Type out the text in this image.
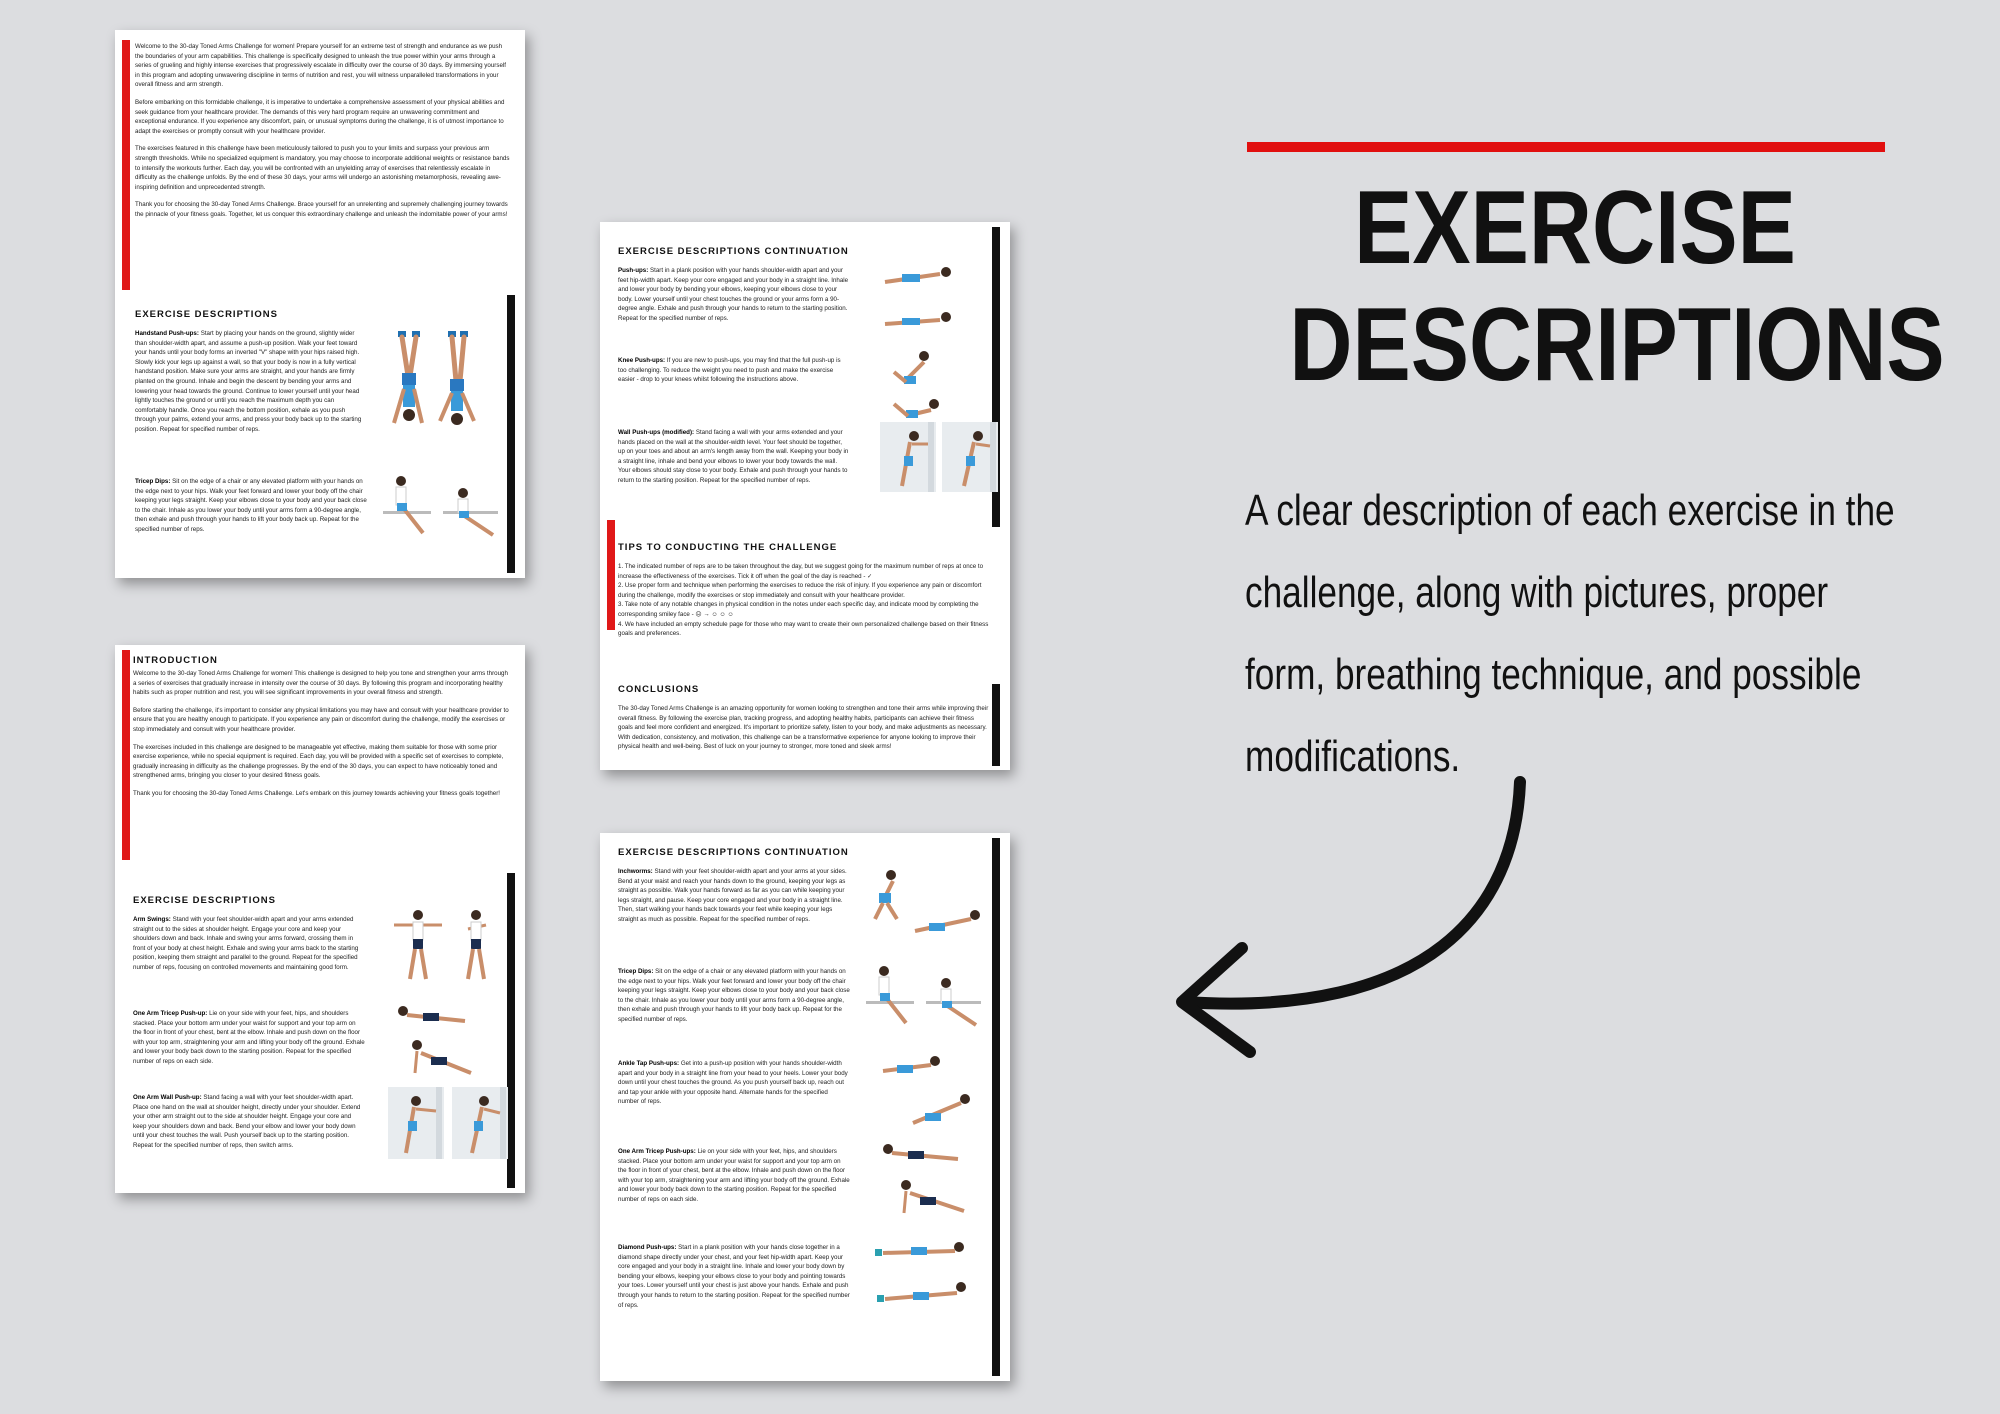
Welcome to the 30-day Toned Arms Challenge for women! Prepare yourself for an extreme test of strength and endurance as we push the boundaries of your arm capabilities. This challenge is specifically designed to unleash the true power within your arms through a series of grueling and highly intense exercises that progressively escalate in difficulty over the course of 30 days. By immersing yourself in this program and adopting unwavering discipline in terms of nutrition and rest, you will witness unparalleled transformations in your overall fitness and arm strength.

Before embarking on this formidable challenge, it is imperative to undertake a comprehensive assessment of your physical abilities and seek guidance from your healthcare provider. The demands of this very hard program require an unwavering commitment and exceptional endurance. If you experience any discomfort, pain, or unusual symptoms during the challenge, it is of utmost importance to adapt the exercises or promptly consult with your healthcare provider.

The exercises featured in this challenge have been meticulously tailored to push you to your limits and surpass your previous arm strength thresholds. While no specialized equipment is mandatory, you may choose to incorporate additional weights or resistance bands to intensify the workouts further. Each day, you will be confronted with an unyielding array of exercises that relentlessly escalate in difficulty as the challenge unfolds. By the end of these 30 days, your arms will undergo an astonishing metamorphosis, revealing awe-inspiring definition and unprecedented strength.

Thank you for choosing the 30-day Toned Arms Challenge. Brace yourself for an unrelenting and supremely challenging journey towards the pinnacle of your fitness goals. Together, let us conquer this extraordinary challenge and unleash the indomitable power of your arms!

EXERCISE DESCRIPTIONS

Handstand Push-ups: Start by placing your hands on the ground, slightly wider than shoulder-width apart, and assume a push-up position. Walk your feet toward your hands until your body forms an inverted "V" shape with your hips raised high. Slowly kick your legs up against a wall, so that your body is now in a fully vertical handstand position. Make sure your arms are straight, and your hands are firmly planted on the ground. Inhale and begin the descent by bending your arms and lowering your head towards the ground. Continue to lower yourself until your head lightly touches the ground or until you reach the maximum depth you can comfortably handle. Once you reach the bottom position, exhale as you push through your palms, extend your arms, and press your body back up to the starting position. Repeat for specified number of reps.

Tricep Dips: Sit on the edge of a chair or any elevated platform with your hands on the edge next to your hips. Walk your feet forward and lower your body off the chair keeping your legs straight. Keep your elbows close to your body and your back close to the chair. Inhale as you lower your body until your arms form a 90-degree angle, then exhale and push through your hands to lift your body back up. Repeat for the specified number of reps.

EXERCISE DESCRIPTIONS CONTINUATION

Push-ups: Start in a plank position with your hands shoulder-width apart and your feet hip-width apart. Keep your core engaged and your body in a straight line. Inhale and lower your body by bending your elbows, keeping your elbows close to your body. Lower yourself until your chest touches the ground or your arms form a 90-degree angle. Exhale and push through your hands to return to the starting position. Repeat for the specified number of reps.

Knee Push-ups: If you are new to push-ups, you may find that the full push-up is too challenging. To reduce the weight you need to push and make the exercise easier - drop to your knees whilst following the instructions above.

Wall Push-ups (modified): Stand facing a wall with your arms extended and your hands placed on the wall at the shoulder-width level. Your feet should be together, up on your toes and about an arm's length away from the wall. Keeping your body in a straight line, inhale and bend your elbows to lower your body towards the wall. Your elbows should stay close to your body. Exhale and push through your hands to return to the starting position. Repeat for the specified number of reps.

TIPS TO CONDUCTING THE CHALLENGE

1. The indicated number of reps are to be taken throughout the day, but we suggest going for the maximum number of reps at once to increase the effectiveness of the exercises. Tick it off when the goal of the day is reached - ✓

2. Use proper form and technique when performing the exercises to reduce the risk of injury. If you experience any pain or discomfort during the challenge, modify the exercises or stop immediately and consult with your healthcare provider.

3. Take note of any notable changes in physical condition in the notes under each specific day, and indicate mood by completing the corresponding smiley face - ☹ → ☺ ☺ ☺

4. We have included an empty schedule page for those who may want to create their own personalized challenge based on their fitness goals and preferences.

CONCLUSIONS

The 30-day Toned Arms Challenge is an amazing opportunity for women looking to strengthen and tone their arms while improving their overall fitness. By following the exercise plan, tracking progress, and adopting healthy habits, participants can achieve their fitness goals and feel more confident and energized. It's important to prioritize safety, listen to your body, and make adjustments as necessary. With dedication, consistency, and motivation, this challenge can be a transformative experience for anyone looking to improve their physical health and well-being. Best of luck on your journey to stronger, more toned and sleek arms!

INTRODUCTION

Welcome to the 30-day Toned Arms Challenge for women! This challenge is designed to help you tone and strengthen your arms through a series of exercises that gradually increase in intensity over the course of 30 days. By following this program and incorporating healthy habits such as proper nutrition and rest, you will see significant improvements in your overall fitness and strength.

Before starting the challenge, it's important to consider any physical limitations you may have and consult with your healthcare provider to ensure that you are healthy enough to participate. If you experience any pain or discomfort during the challenge, modify the exercises or stop immediately and consult with your healthcare provider.

The exercises included in this challenge are designed to be manageable yet effective, making them suitable for those with some prior exercise experience, while no special equipment is required. Each day, you will be provided with a specific set of exercises to complete, gradually increasing in difficulty as the challenge progresses. By the end of the 30 days, you can expect to have noticeably toned and strengthened arms, bringing you closer to your desired fitness goals.

Thank you for choosing the 30-day Toned Arms Challenge. Let's embark on this journey towards achieving your fitness goals together!

EXERCISE DESCRIPTIONS

Arm Swings: Stand with your feet shoulder-width apart and your arms extended straight out to the sides at shoulder height. Engage your core and keep your shoulders down and back. Inhale and swing your arms forward, crossing them in front of your body at chest height. Exhale and swing your arms back to the starting position, keeping them straight and parallel to the ground. Repeat for the specified number of reps, focusing on controlled movements and maintaining good form.

One Arm Tricep Push-up: Lie on your side with your feet, hips, and shoulders stacked. Place your bottom arm under your waist for support and your top arm on the floor in front of your chest, bent at the elbow. Inhale and push down on the floor with your top arm, straightening your arm and lifting your body off the ground. Exhale and lower your body back down to the starting position. Repeat for the specified number of reps on each side.

One Arm Wall Push-up: Stand facing a wall with your feet shoulder-width apart. Place one hand on the wall at shoulder height, directly under your shoulder. Extend your other arm straight out to the side at shoulder height. Engage your core and keep your shoulders down and back. Bend your elbow and lower your body down until your chest touches the wall. Push yourself back up to the starting position. Repeat for the specified number of reps, then switch arms.

EXERCISE DESCRIPTIONS CONTINUATION

Inchworms: Stand with your feet shoulder-width apart and your arms at your sides. Bend at your waist and reach your hands down to the ground, keeping your legs as straight as possible. Walk your hands forward as far as you can while keeping your legs straight, and pause. Keep your core engaged and your body in a straight line. Then, start walking your hands back towards your feet while keeping your legs straight as much as possible. Repeat for the specified number of reps.

Tricep Dips: Sit on the edge of a chair or any elevated platform with your hands on the edge next to your hips. Walk your feet forward and lower your body off the chair keeping your legs straight. Keep your elbows close to your body and your back close to the chair. Inhale as you lower your body until your arms form a 90-degree angle, then exhale and push through your hands to lift your body back up. Repeat for the specified number of reps.

Ankle Tap Push-ups: Get into a push-up position with your hands shoulder-width apart and your body in a straight line from your head to your heels. Lower your body down until your chest touches the ground. As you push yourself back up, reach out and tap your ankle with your opposite hand. Alternate hands for the specified number of reps.

One Arm Tricep Push-ups: Lie on your side with your feet, hips, and shoulders stacked. Place your bottom arm under your waist for support and your top arm on the floor in front of your chest, bent at the elbow. Inhale and push down on the floor with your top arm, straightening your arm and lifting your body off the ground. Exhale and lower your body back down to the starting position. Repeat for the specified number of reps on each side.

Diamond Push-ups: Start in a plank position with your hands close together in a diamond shape directly under your chest, and your feet hip-width apart. Keep your core engaged and your body in a straight line. Inhale and lower your body down by bending your elbows, keeping your elbows close to your body and pointing towards your toes. Lower yourself until your chest is just above your hands. Exhale and push through your hands to return to the starting position. Repeat for the specified number of reps.

EXERCISE
DESCRIPTIONS
A clear description of each exercise in the challenge, along with pictures, proper form, breathing technique, and possible modifications.
